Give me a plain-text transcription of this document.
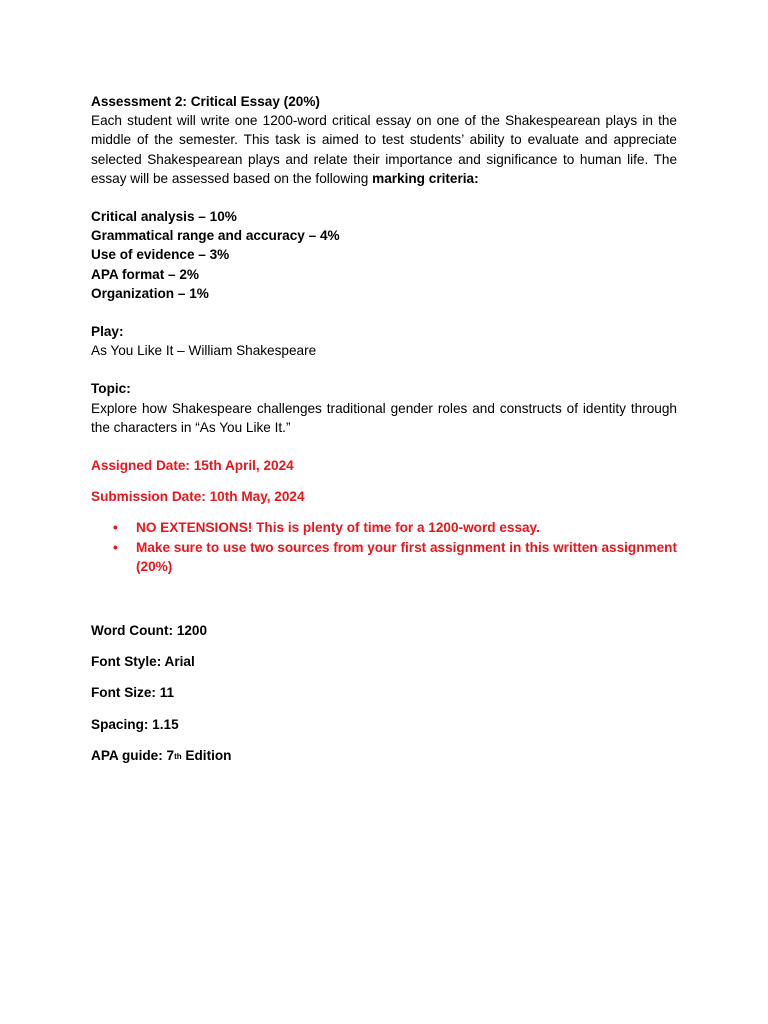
Assessment 2: Critical Essay (20%)
Each student will write one 1200-word critical essay on one of the Shakespearean plays in the middle of the semester. This task is aimed to test students’ ability to evaluate and appreciate selected Shakespearean plays and relate their importance and significance to human life. The essay will be assessed based on the following marking criteria:
Critical analysis – 10%
Grammatical range and accuracy – 4%
Use of evidence – 3%
APA format – 2%
Organization – 1%
Play:
As You Like It – William Shakespeare
Topic:
Explore how Shakespeare challenges traditional gender roles and constructs of identity through the characters in “As You Like It.”
Assigned Date: 15th April, 2024
Submission Date: 10th May, 2024
• NO EXTENSIONS! This is plenty of time for a 1200-word essay.
• Make sure to use two sources from your first assignment in this written assignment (20%)
Word Count: 1200
Font Style: Arial
Font Size: 11
Spacing: 1.15
APA guide: 7th Edition
